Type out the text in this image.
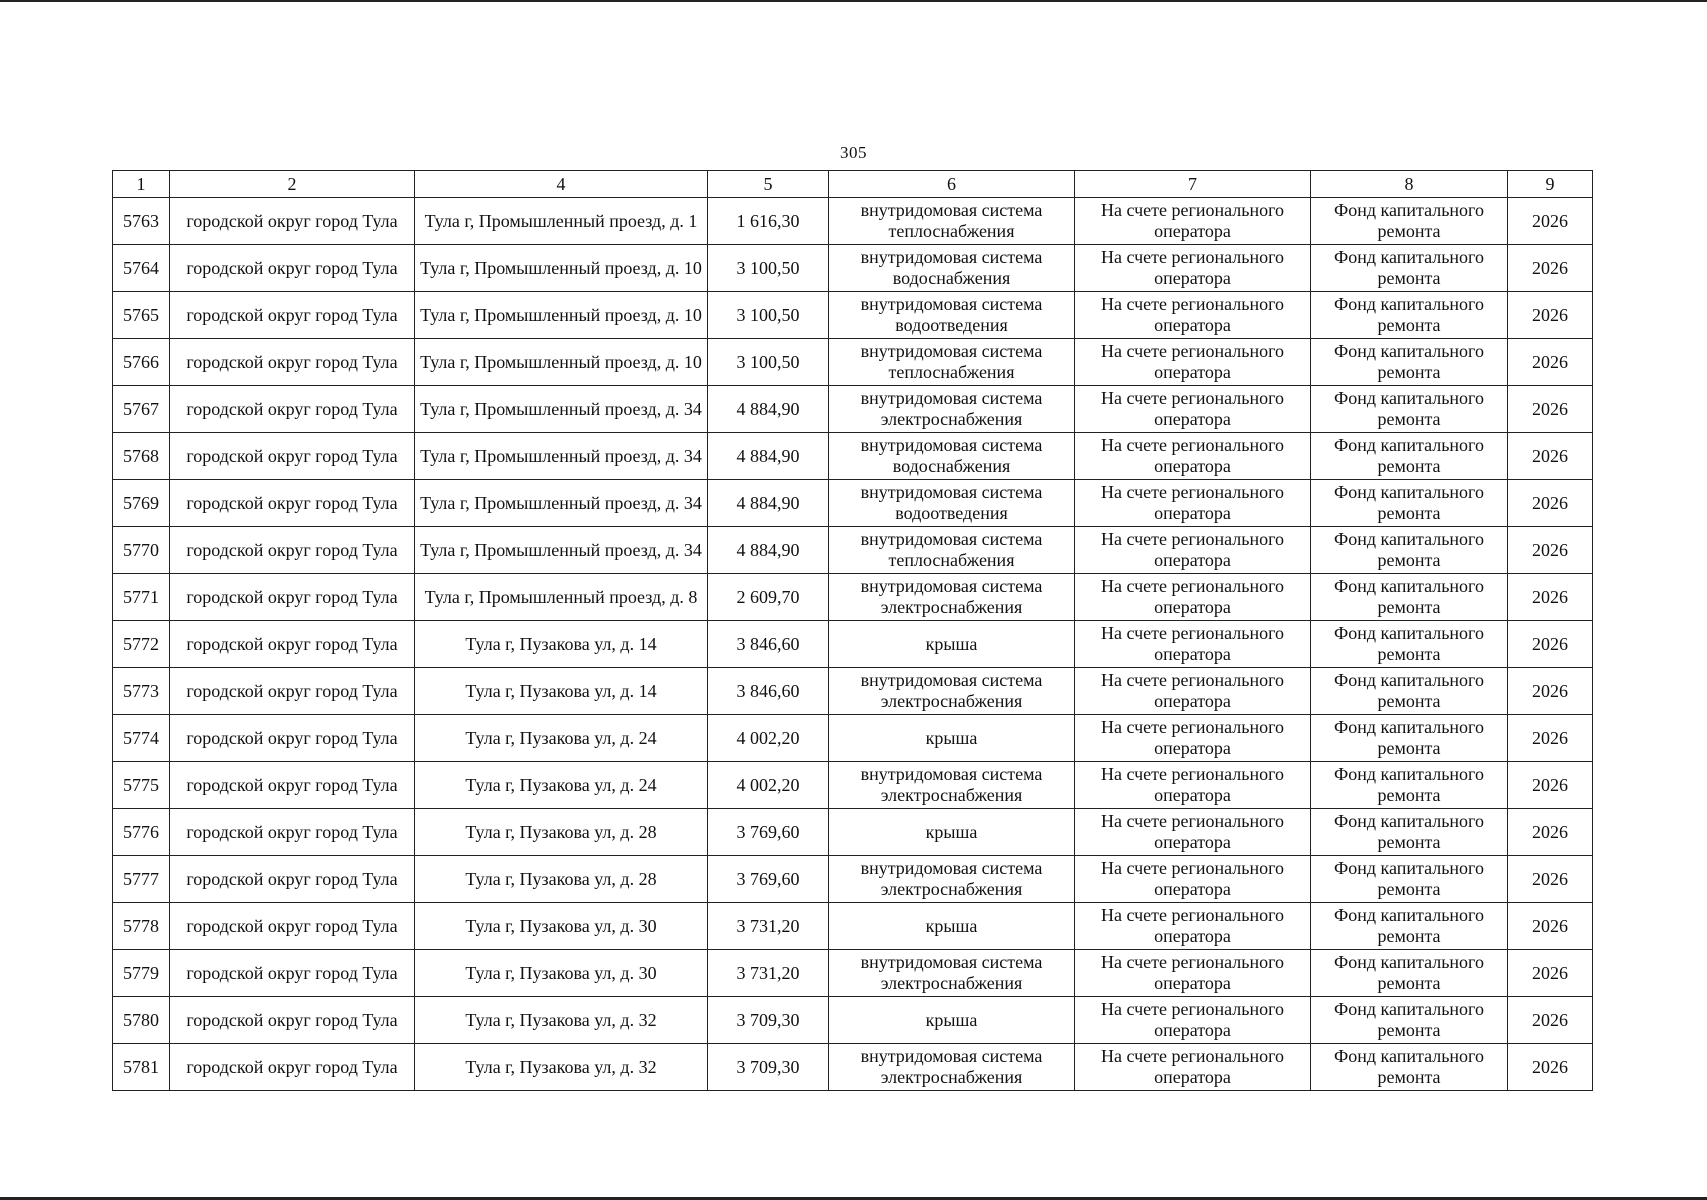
305
1	2	4	5	6	7	8	9
5763	городской округ город Тула	Тула г, Промышленный проезд, д. 1	1 616,30	внутридомовая система теплоснабжения	На счете регионального оператора	Фонд капитального ремонта	2026
5764	городской округ город Тула	Тула г, Промышленный проезд, д. 10	3 100,50	внутридомовая система водоснабжения	На счете регионального оператора	Фонд капитального ремонта	2026
5765	городской округ город Тула	Тула г, Промышленный проезд, д. 10	3 100,50	внутридомовая система водоотведения	На счете регионального оператора	Фонд капитального ремонта	2026
5766	городской округ город Тула	Тула г, Промышленный проезд, д. 10	3 100,50	внутридомовая система теплоснабжения	На счете регионального оператора	Фонд капитального ремонта	2026
5767	городской округ город Тула	Тула г, Промышленный проезд, д. 34	4 884,90	внутридомовая система электроснабжения	На счете регионального оператора	Фонд капитального ремонта	2026
5768	городской округ город Тула	Тула г, Промышленный проезд, д. 34	4 884,90	внутридомовая система водоснабжения	На счете регионального оператора	Фонд капитального ремонта	2026
5769	городской округ город Тула	Тула г, Промышленный проезд, д. 34	4 884,90	внутридомовая система водоотведения	На счете регионального оператора	Фонд капитального ремонта	2026
5770	городской округ город Тула	Тула г, Промышленный проезд, д. 34	4 884,90	внутридомовая система теплоснабжения	На счете регионального оператора	Фонд капитального ремонта	2026
5771	городской округ город Тула	Тула г, Промышленный проезд, д. 8	2 609,70	внутридомовая система электроснабжения	На счете регионального оператора	Фонд капитального ремонта	2026
5772	городской округ город Тула	Тула г, Пузакова ул, д. 14	3 846,60	крыша	На счете регионального оператора	Фонд капитального ремонта	2026
5773	городской округ город Тула	Тула г, Пузакова ул, д. 14	3 846,60	внутридомовая система электроснабжения	На счете регионального оператора	Фонд капитального ремонта	2026
5774	городской округ город Тула	Тула г, Пузакова ул, д. 24	4 002,20	крыша	На счете регионального оператора	Фонд капитального ремонта	2026
5775	городской округ город Тула	Тула г, Пузакова ул, д. 24	4 002,20	внутридомовая система электроснабжения	На счете регионального оператора	Фонд капитального ремонта	2026
5776	городской округ город Тула	Тула г, Пузакова ул, д. 28	3 769,60	крыша	На счете регионального оператора	Фонд капитального ремонта	2026
5777	городской округ город Тула	Тула г, Пузакова ул, д. 28	3 769,60	внутридомовая система электроснабжения	На счете регионального оператора	Фонд капитального ремонта	2026
5778	городской округ город Тула	Тула г, Пузакова ул, д. 30	3 731,20	крыша	На счете регионального оператора	Фонд капитального ремонта	2026
5779	городской округ город Тула	Тула г, Пузакова ул, д. 30	3 731,20	внутридомовая система электроснабжения	На счете регионального оператора	Фонд капитального ремонта	2026
5780	городской округ город Тула	Тула г, Пузакова ул, д. 32	3 709,30	крыша	На счете регионального оператора	Фонд капитального ремонта	2026
5781	городской округ город Тула	Тула г, Пузакова ул, д. 32	3 709,30	внутридомовая система электроснабжения	На счете регионального оператора	Фонд капитального ремонта	2026
